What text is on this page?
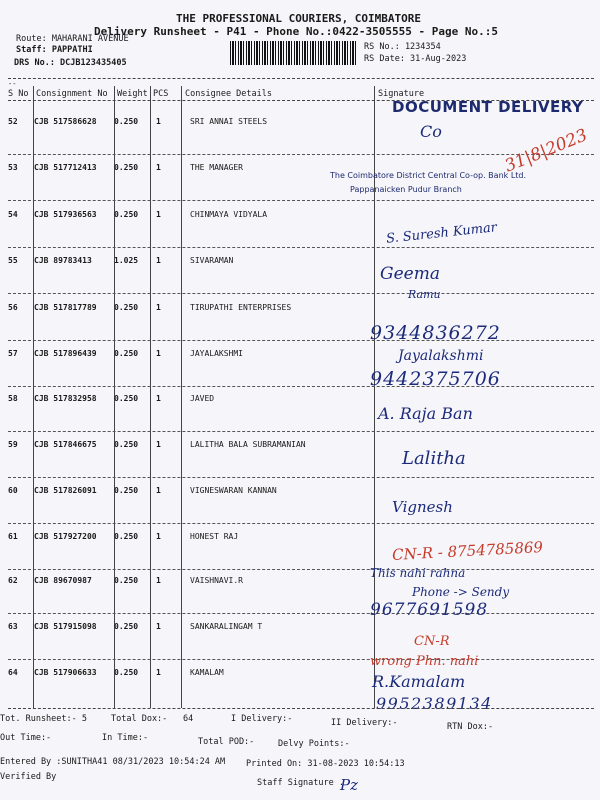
THE PROFESSIONAL COURIERS, COIMBATORE
Delivery Runsheet - P41 - Phone No.:0422-3505555 - Page No.:5
Route: MAHARANI AVENUE
Staff: PAPPATHI
DRS No.: DCJB123435405
RS No.: 1234354
RS Date: 31-Aug-2023
--
S No Consignment No Weight PCS Consignee Details	Signature
52 CJB 517586628 0.250 1	SRI ANNAI STEELS
53 CJB 517712413 0.250 1	THE MANAGER
54 CJB 517936563 0.250 1	CHINMAYA VIDYALA
55 CJB 89783413	1.025 1	SIVARAMAN
56 CJB 517817789 0.250 1	TIRUPATHI ENTERPRISES
57 CJB 517896439 0.250 1	JAYALAKSHMI
58 CJB 517832958 0.250 1	JAVED
59 CJB 517846675 0.250 1	LALITHA BALA SUBRAMANIAN
60 CJB 517826091 0.250 1	VIGNESWARAN KANNAN
61 CJB 517927200 0.250 1	HONEST RAJ
62 CJB 89670987	0.250 1	VAISHNAVI.R
63 CJB 517915098 0.250 1	SANKARALINGAM T
64 CJB 517906633 0.250 1	KAMALAM
DOCUMENT DELIVERY
Co
The Coimbatore District Central Co-op. Bank Ltd.
Pappanaicken Pudur Branch
31|8|2023
S. Suresh Kumar
Geema
Ramu
9344836272
Jayalakshmi
9442375706
A. Raja Ban
Lalitha
Vignesh
CN-R - 8754785869
This nahi rahna
Phone -> Sendy
9677691598
CN-R
wrong Phn. nahi
R.Kamalam
9952389134
Tot. Runsheet:- 5	Total Dox:- 64	I Delivery:-	II Delivery:-	RTN Dox:-
Out Time:-	In Time:-	Total POD:-	Delvy Points:-
Entered By :SUNITHA41 08/31/2023 10:54:24 AM Printed On: 31-08-2023 10:54:13
Verified By
Staff Signature .
Pz
